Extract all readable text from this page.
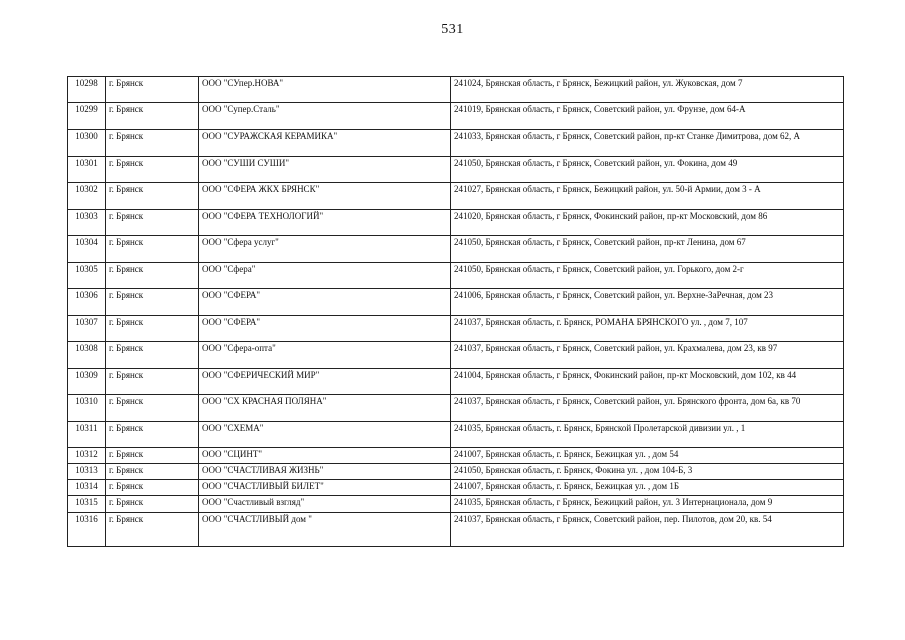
531
10298	г. Брянск	ООО "СУпер.НОВА"	241024, Брянская область, г Брянск, Бежицкий район, ул. Жуковская, дом 7
10299	г. Брянск	ООО "Супер.Сталь"	241019, Брянская область, г Брянск, Советский район, ул. Фрунзе, дом 64-А
10300	г. Брянск	ООО "СУРАЖСКАЯ КЕРАМИКА"	241033, Брянская область, г Брянск, Советский район, пр-кт Станке Димитрова, дом 62, А
10301	г. Брянск	ООО "СУШИ СУШИ"	241050, Брянская область, г Брянск, Советский район, ул. Фокина, дом 49
10302	г. Брянск	ООО "СФЕРА ЖКХ БРЯНСК"	241027, Брянская область, г Брянск, Бежицкий район, ул. 50-й Армии, дом 3 - А
10303	г. Брянск	ООО "СФЕРА ТЕХНОЛОГИЙ"	241020, Брянская область, г Брянск, Фокинский район, пр-кт Московский, дом 86
10304	г. Брянск	ООО "Сфера услуг"	241050, Брянская область, г Брянск, Советский район, пр-кт Ленина, дом 67
10305	г. Брянск	ООО "Сфера"	241050, Брянская область, г Брянск, Советский район, ул. Горького, дом 2-г
10306	г. Брянск	ООО "СФЕРА"	241006, Брянская область, г Брянск, Советский район, ул. Верхне-ЗаРечная, дом 23
10307	г. Брянск	ООО "СФЕРА"	241037, Брянская область, г. Брянск, РОМАНА БРЯНСКОГО ул. , дом 7, 107
10308	г. Брянск	ООО "Сфера-опта"	241037, Брянская область, г Брянск, Советский район, ул. Крахмалева, дом 23, кв 97
10309	г. Брянск	ООО "СФЕРИЧЕСКИЙ МИР"	241004, Брянская область, г Брянск, Фокинский район, пр-кт Московский, дом 102, кв 44
10310	г. Брянск	ООО "СХ КРАСНАЯ ПОЛЯНА"	241037, Брянская область, г Брянск, Советский район, ул. Брянского фронта, дом 6а, кв 70
10311	г. Брянск	ООО "СХЕМА"	241035, Брянская область, г. Брянск, Брянской Пролетарской дивизии ул. , 1
10312	г. Брянск	ООО "СЦИНТ"	241007, Брянская область, г. Брянск, Бежицкая ул. , дом 54
10313	г. Брянск	ООО "СЧАСТЛИВАЯ ЖИЗНЬ"	241050, Брянская область, г. Брянск, Фокина ул. , дом 104-Б, 3
10314	г. Брянск	ООО "СЧАСТЛИВЫЙ БИЛЕТ"	241007, Брянская область, г. Брянск, Бежицкая ул. , дом 1Б
10315	г. Брянск	ООО "Счастливый взгляд"	241035, Брянская область, г Брянск, Бежицкий район, ул. 3 Интернационала, дом 9
10316	г. Брянск	ООО "СЧАСТЛИВЫЙ дом "	241037, Брянская область, г Брянск, Советский район, пер. Пилотов, дом 20, кв. 54
